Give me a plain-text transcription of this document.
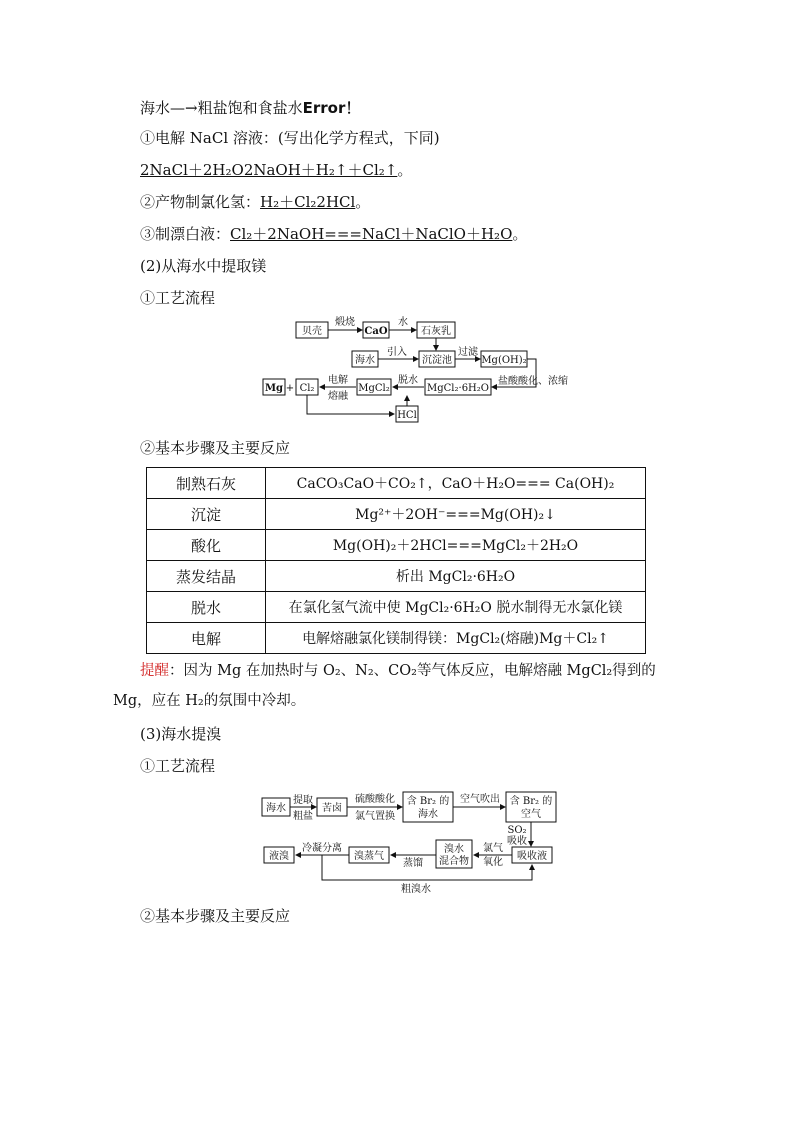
海水—→粗盐饱和食盐水Error！
①电解 NaCl 溶液：(写出化学方程式，下同)
2NaCl＋2H₂O2NaOH＋H₂↑＋Cl₂↑。
②产物制氯化氢：H₂＋Cl₂2HCl。
③制漂白液：Cl₂＋2NaOH===NaCl＋NaClO＋H₂O。
(2)从海水中提取镁
①工艺流程
贝壳
煅烧
CaO
水
石灰乳
海水
引入
沉淀池
过滤
Mg(OH)₂
盐酸酸化、浓缩
Mg + Cl₂
电解
熔融
MgCl₂
脱水
MgCl₂·6H₂O
HCl
②基本步骤及主要反应
制熟石灰	CaCO₃CaO＋CO₂↑，CaO＋H₂O=== Ca(OH)₂
沉淀	Mg²⁺＋2OH⁻===Mg(OH)₂↓
酸化	Mg(OH)₂＋2HCl===MgCl₂＋2H₂O
蒸发结晶	析出 MgCl₂·6H₂O
脱水	在氯化氢气流中使 MgCl₂·6H₂O 脱水制得无水氯化镁
电解	电解熔融氯化镁制得镁：MgCl₂(熔融)Mg＋Cl₂↑
提醒：因为 Mg 在加热时与 O₂、N₂、CO₂等气体反应，电解熔融 MgCl₂得到的 Mg，应在 H₂的氛围中冷却。
(3)海水提溴
①工艺流程
海水
提取
粗盐
苦卤
硫酸酸化
氯气置换
含 Br₂ 的
海水
空气吹出 含 Br₂ 的
空气
SO₂
吸收
吸收液
氯气
氧化
溴水
混合物
蒸馏
溴蒸气
冷凝分离
液溴
粗溴水
②基本步骤及主要反应
